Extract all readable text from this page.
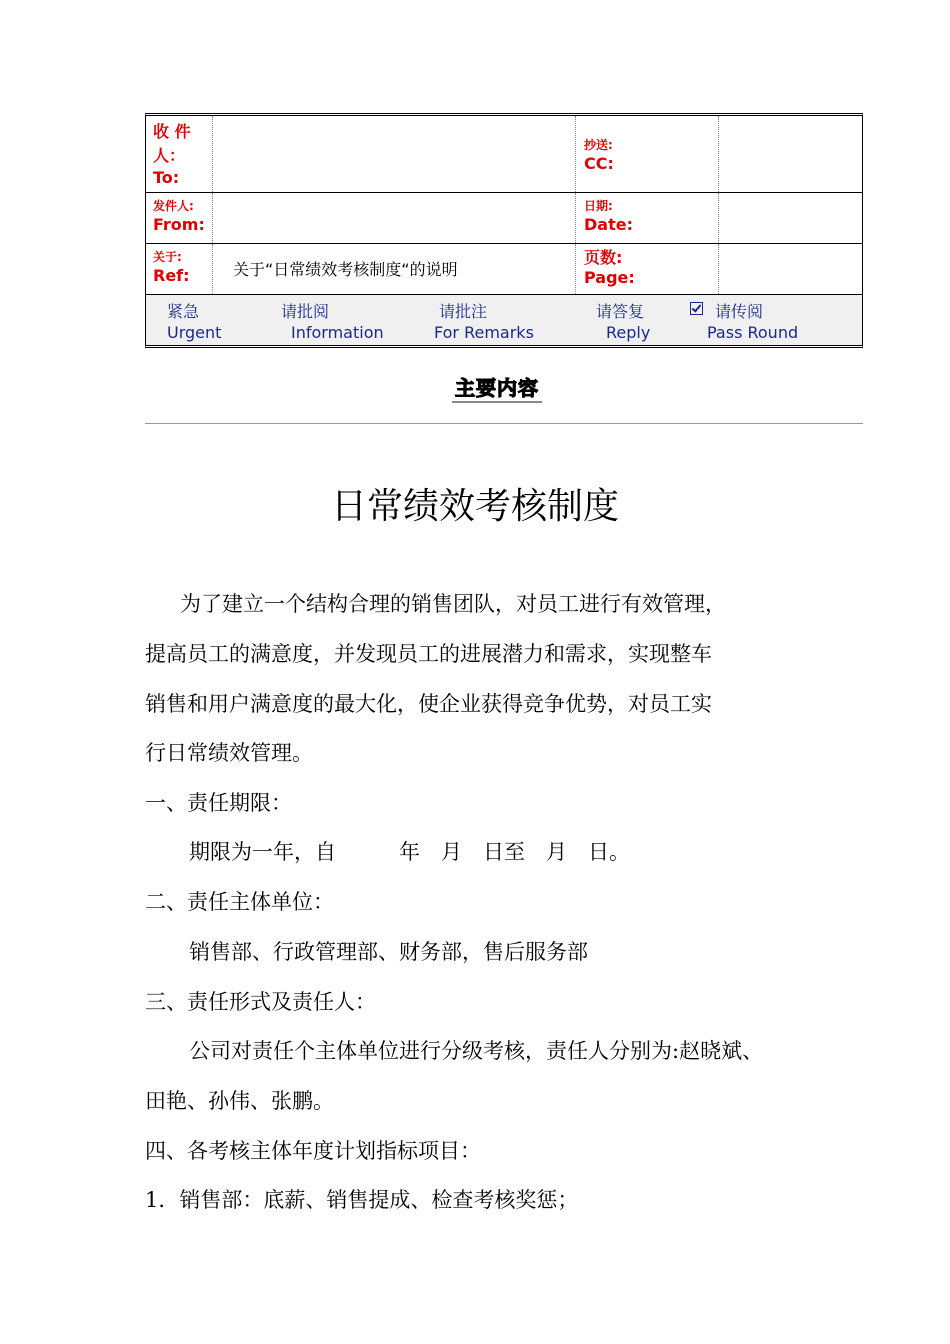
收 件人：
To:
抄送:
CC:
发件人:
From:
日期:
Date:
关于:
Ref:	关于“日常绩效考核制度“的说明
页数:
Page:
紧急
Urgent
请批阅
Information
请批注
For Remarks
请答复
Reply
请传阅
Pass Round
主要内容
日常绩效考核制度
为了建立一个结构合理的销售团队，对员工进行有效管理，
提高员工的满意度，并发现员工的进展潜力和需求，实现整车
销售和用户满意度的最大化，使企业获得竞争优势，对员工实
行日常绩效管理。
一、责任期限：
期限为一年，自　　　年　月　日至　月　日。
二、责任主体单位：
销售部、行政管理部、财务部，售后服务部
三、责任形式及责任人：
公司对责任个主体单位进行分级考核，责任人分别为:赵晓斌、
田艳、孙伟、张鹏。
四、各考核主体年度计划指标项目：
1．销售部：底薪、销售提成、检查考核奖惩；
